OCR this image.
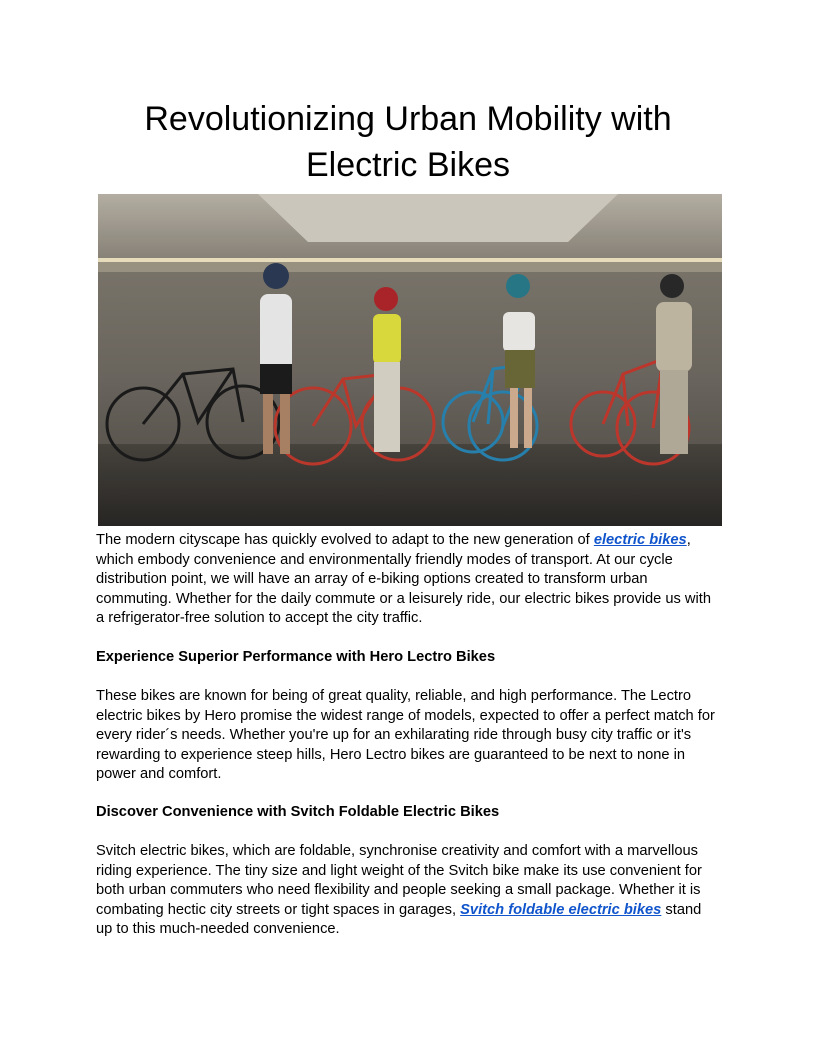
Revolutionizing Urban Mobility with Electric Bikes

The modern cityscape has quickly evolved to adapt to the new generation of electric bikes, which embody convenience and environmentally friendly modes of transport. At our cycle distribution point, we will have an array of e-biking options created to transform urban commuting. Whether for the daily commute or a leisurely ride, our electric bikes provide us with a refrigerator-free solution to accept the city traffic.

Experience Superior Performance with Hero Lectro Bikes

These bikes are known for being of great quality, reliable, and high performance. The Lectro electric bikes by Hero promise the widest range of models, expected to offer a perfect match for every rider´s needs. Whether you're up for an exhilarating ride through busy city traffic or it's rewarding to experience steep hills, Hero Lectro bikes are guaranteed to be next to none in power and comfort.

Discover Convenience with Svitch Foldable Electric Bikes

Svitch electric bikes, which are foldable, synchronise creativity and comfort with a marvellous riding experience. The tiny size and light weight of the Svitch bike make its use convenient for both urban commuters who need flexibility and people seeking a small package. Whether it is combating hectic city streets or tight spaces in garages, Svitch foldable electric bikes stand up to this much-needed convenience.
